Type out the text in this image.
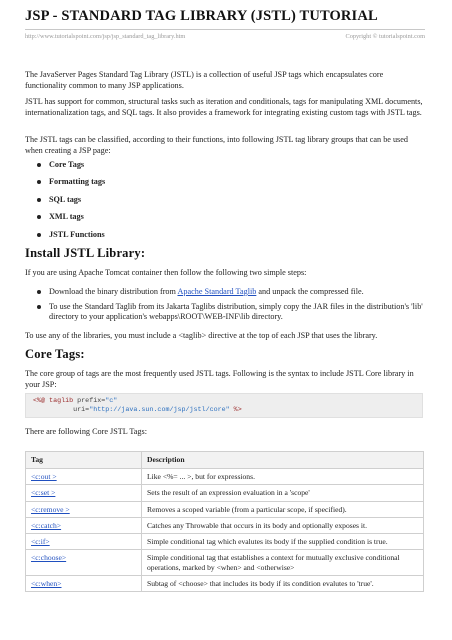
JSP - STANDARD TAG LIBRARY (JSTL) TUTORIAL
http://www.tutorialspoint.com/jsp/jsp_standard_tag_library.htm	Copyright © tutorialspoint.com

The JavaServer Pages Standard Tag Library (JSTL) is a collection of useful JSP tags which encapsulates core functionality common to many JSP applications.

JSTL has support for common, structural tasks such as iteration and conditionals, tags for manipulating XML documents, internationalization tags, and SQL tags. It also provides a framework for integrating existing custom tags with JSTL tags.

The JSTL tags can be classified, according to their functions, into following JSTL tag library groups that can be used when creating a JSP page:

Core Tags
Formatting tags
SQL tags
XML tags
JSTL Functions
Install JSTL Library:

If you are using Apache Tomcat container then follow the following two simple steps:

Download the binary distribution from Apache Standard Taglib and unpack the compressed file.
To use the Standard Taglib from its Jakarta Taglibs distribution, simply copy the JAR files in the distribution's 'lib' directory to your application's webapps\ROOT\WEB-INF\lib directory.

To use any of the libraries, you must include a <taglib> directive at the top of each JSP that uses the library.

Core Tags:

The core group of tags are the most frequently used JSTL tags. Following is the syntax to include JSTL Core library in your JSP:

<%@ taglib prefix="c"
uri="http://java.sun.com/jsp/jstl/core" %>

There are following Core JSTL Tags:

Tag	Description
<c:out >	Like <%= ... >, but for expressions.
<c:set >	Sets the result of an expression evaluation in a 'scope'
<c:remove >	Removes a scoped variable (from a particular scope, if specified).
<c:catch>	Catches any Throwable that occurs in its body and optionally exposes it.
<c:if>	Simple conditional tag which evalutes its body if the supplied condition is true.
<c:choose>	Simple conditional tag that establishes a context for mutually exclusive conditional operations, marked by <when> and <otherwise>
<c:when>	Subtag of <choose> that includes its body if its condition evalutes to 'true'.
